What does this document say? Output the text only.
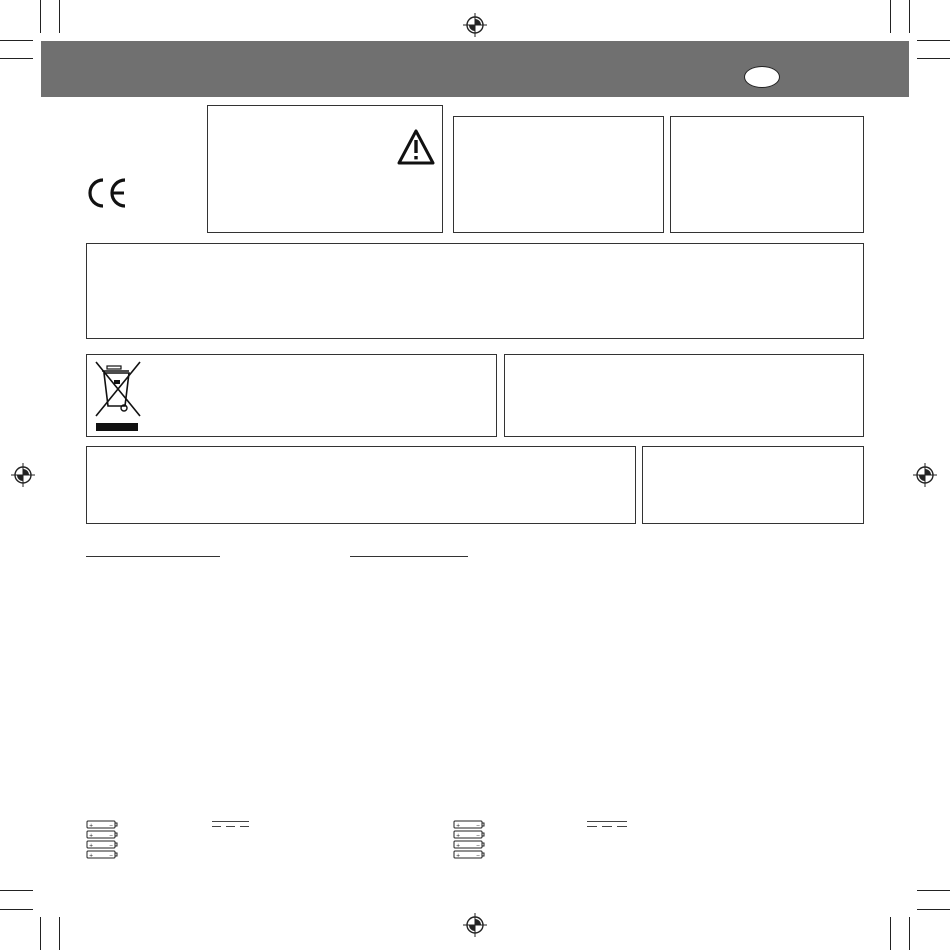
+	−
+	−
+	−
+	−
+	−
+	−
+	−
+	−
